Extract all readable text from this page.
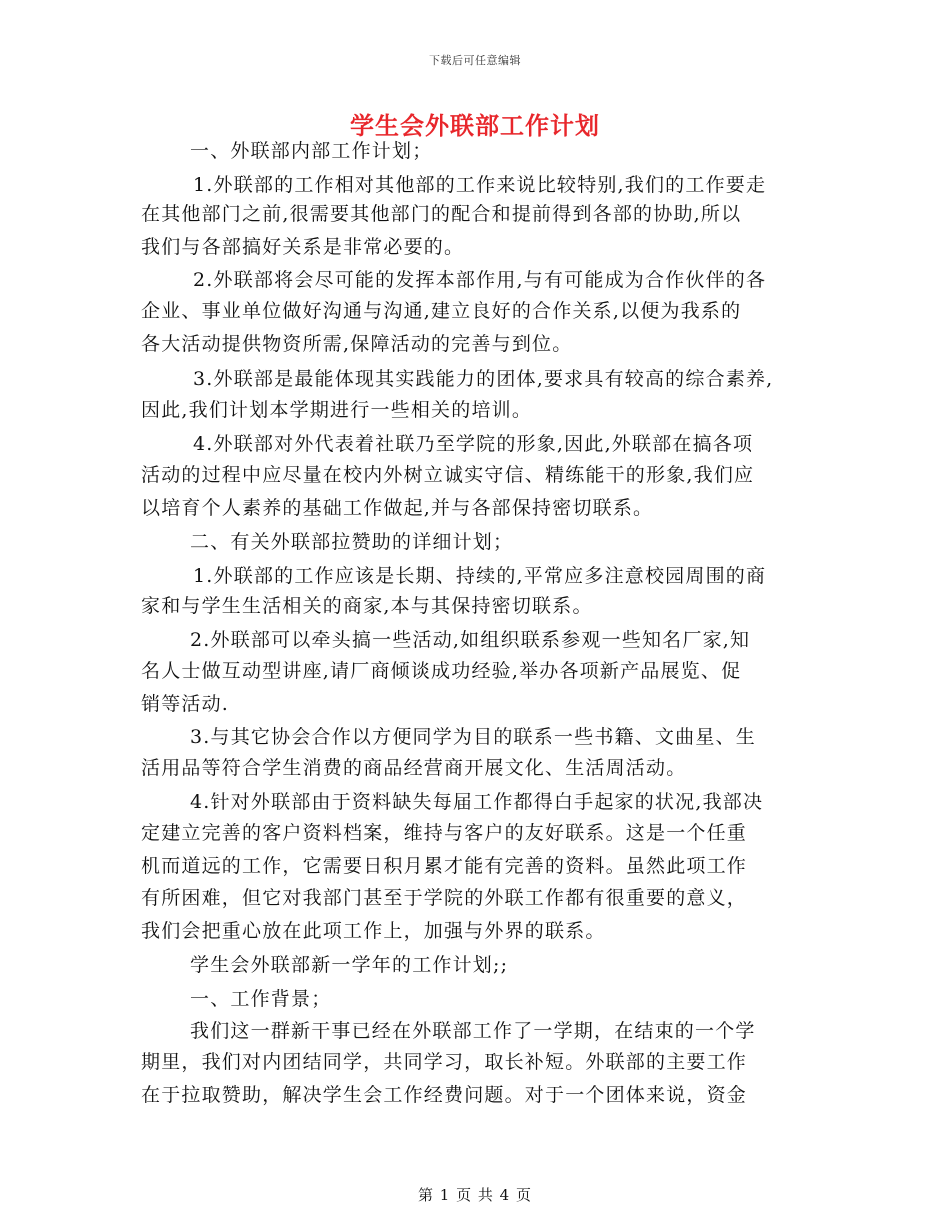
下载后可任意编辑
学生会外联部工作计划
一、外联部内部工作计划；
1.外联部的工作相对其他部的工作来说比较特别,我们的工作要走
在其他部门之前,很需要其他部门的配合和提前得到各部的协助,所以
我们与各部搞好关系是非常必要的。
2.外联部将会尽可能的发挥本部作用,与有可能成为合作伙伴的各
企业、事业单位做好沟通与沟通,建立良好的合作关系,以便为我系的
各大活动提供物资所需,保障活动的完善与到位。
3.外联部是最能体现其实践能力的团体,要求具有较高的综合素养,
因此,我们计划本学期进行一些相关的培训。
4.外联部对外代表着社联乃至学院的形象,因此,外联部在搞各项
活动的过程中应尽量在校内外树立诚实守信、精练能干的形象,我们应
以培育个人素养的基础工作做起,并与各部保持密切联系。
二、有关外联部拉赞助的详细计划；
1.外联部的工作应该是长期、持续的,平常应多注意校园周围的商
家和与学生生活相关的商家,本与其保持密切联系。
2.外联部可以牵头搞一些活动,如组织联系参观一些知名厂家,知
名人士做互动型讲座,请厂商倾谈成功经验,举办各项新产品展览、促
销等活动.
3.与其它协会合作以方便同学为目的联系一些书籍、文曲星、生
活用品等符合学生消费的商品经营商开展文化、生活周活动。
4.针对外联部由于资料缺失每届工作都得白手起家的状况,我部决
定建立完善的客户资料档案，维持与客户的友好联系。这是一个任重
机而道远的工作，它需要日积月累才能有完善的资料。虽然此项工作
有所困难，但它对我部门甚至于学院的外联工作都有很重要的意义，
我们会把重心放在此项工作上，加强与外界的联系。
学生会外联部新一学年的工作计划;;
一、工作背景；
我们这一群新干事已经在外联部工作了一学期，在结束的一个学
期里，我们对内团结同学，共同学习，取长补短。外联部的主要工作
在于拉取赞助，解决学生会工作经费问题。对于一个团体来说，资金
第 1 页 共 4 页
